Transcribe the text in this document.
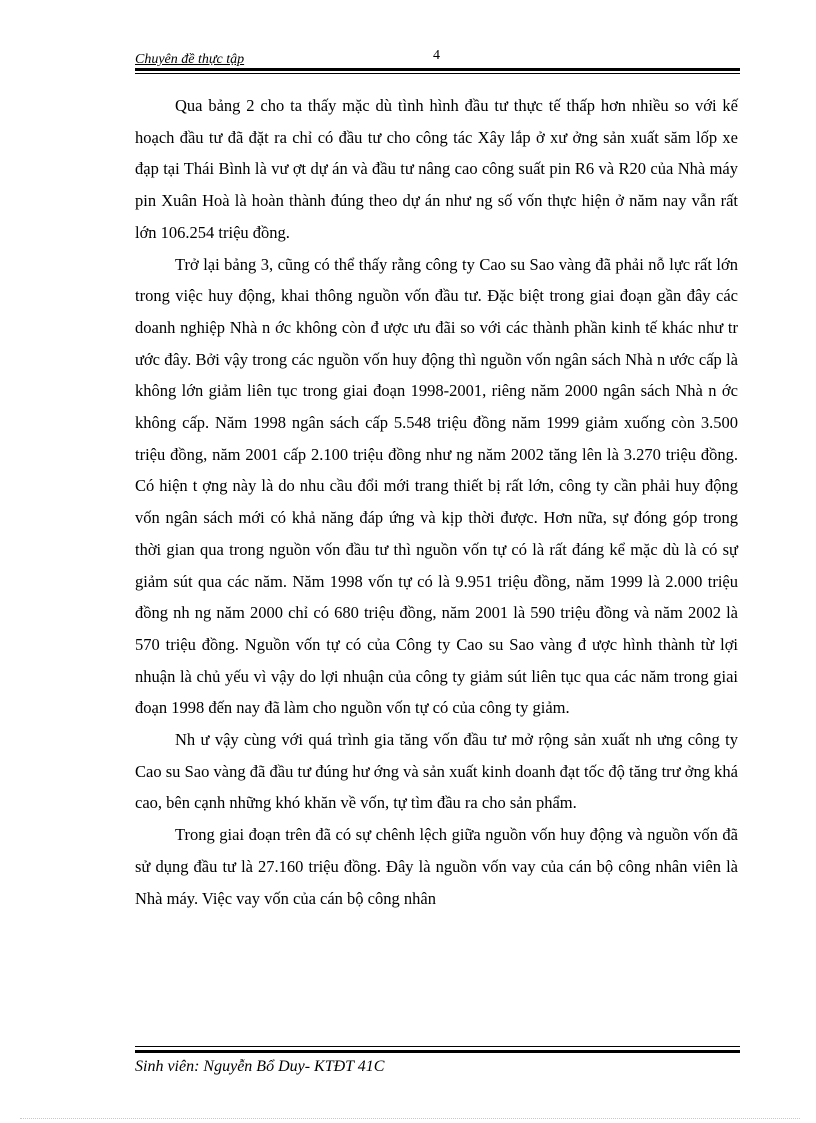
Chuyên đề thực tập	4

Qua bảng 2 cho ta thấy mặc dù tình hình đầu tư thực tế thấp hơn nhiều so với kế hoạch đầu tư đã đặt ra chỉ có đầu tư cho công tác Xây lắp ở xư ởng sản xuất săm lốp xe đạp tại Thái Bình là vư ợt dự án và đầu tư nâng cao công suất pin R6 và R20 của Nhà máy pin Xuân Hoà là hoàn thành đúng theo dự án như ng số vốn thực hiện ở năm nay vẫn rất lớn 106.254 triệu đồng.

Trở lại bảng 3, cũng có thể thấy rằng công ty Cao su Sao vàng đã phải nỗ lực rất lớn trong việc huy động, khai thông nguồn vốn đầu tư. Đặc biệt trong giai đoạn gần đây các doanh nghiệp Nhà n ớc không còn đ ược ưu đãi so với các thành phần kinh tế khác như tr ước đây. Bởi vậy trong các nguồn vốn huy động thì nguồn vốn ngân sách Nhà n ước cấp là không lớn giảm liên tục trong giai đoạn 1998-2001, riêng năm 2000 ngân sách Nhà n ớc không cấp. Năm 1998 ngân sách cấp 5.548 triệu đồng năm 1999 giảm xuống còn 3.500 triệu đồng, năm 2001 cấp 2.100 triệu đồng như ng năm 2002 tăng lên là 3.270 triệu đồng. Có hiện t ợng này là do nhu cầu đổi mới trang thiết bị rất lớn, công ty cần phải huy động vốn ngân sách mới có khả năng đáp ứng và kịp thời được. Hơn nữa, sự đóng góp trong thời gian qua trong nguồn vốn đầu tư thì nguồn vốn tự có là rất đáng kể mặc dù là có sự giảm sút qua các năm. Năm 1998 vốn tự có là 9.951 triệu đồng, năm 1999 là 2.000 triệu đồng nh ng năm 2000 chỉ có 680 triệu đồng, năm 2001 là 590 triệu đồng và năm 2002 là 570 triệu đồng. Nguồn vốn tự có của Công ty Cao su Sao vàng đ ược hình thành từ lợi nhuận là chủ yếu vì vậy do lợi nhuận của công ty giảm sút liên tục qua các năm trong giai đoạn 1998 đến nay đã làm cho nguồn vốn tự có của công ty giảm.

Nh ư vậy cùng với quá trình gia tăng vốn đầu tư mở rộng sản xuất nh ưng công ty Cao su Sao vàng đã đầu tư đúng hư ớng và sản xuất kinh doanh đạt tốc độ tăng trư ởng khá cao, bên cạnh những khó khăn về vốn, tự tìm đầu ra cho sản phẩm.

Trong giai đoạn trên đã có sự chênh lệch giữa nguồn vốn huy động và nguồn vốn đã sử dụng đầu tư là 27.160 triệu đồng. Đây là nguồn vốn vay của cán bộ công nhân viên là Nhà máy. Việc vay vốn của cán bộ công nhân

Sinh viên: Nguyễn Bổ Duy- KTĐT 41C
